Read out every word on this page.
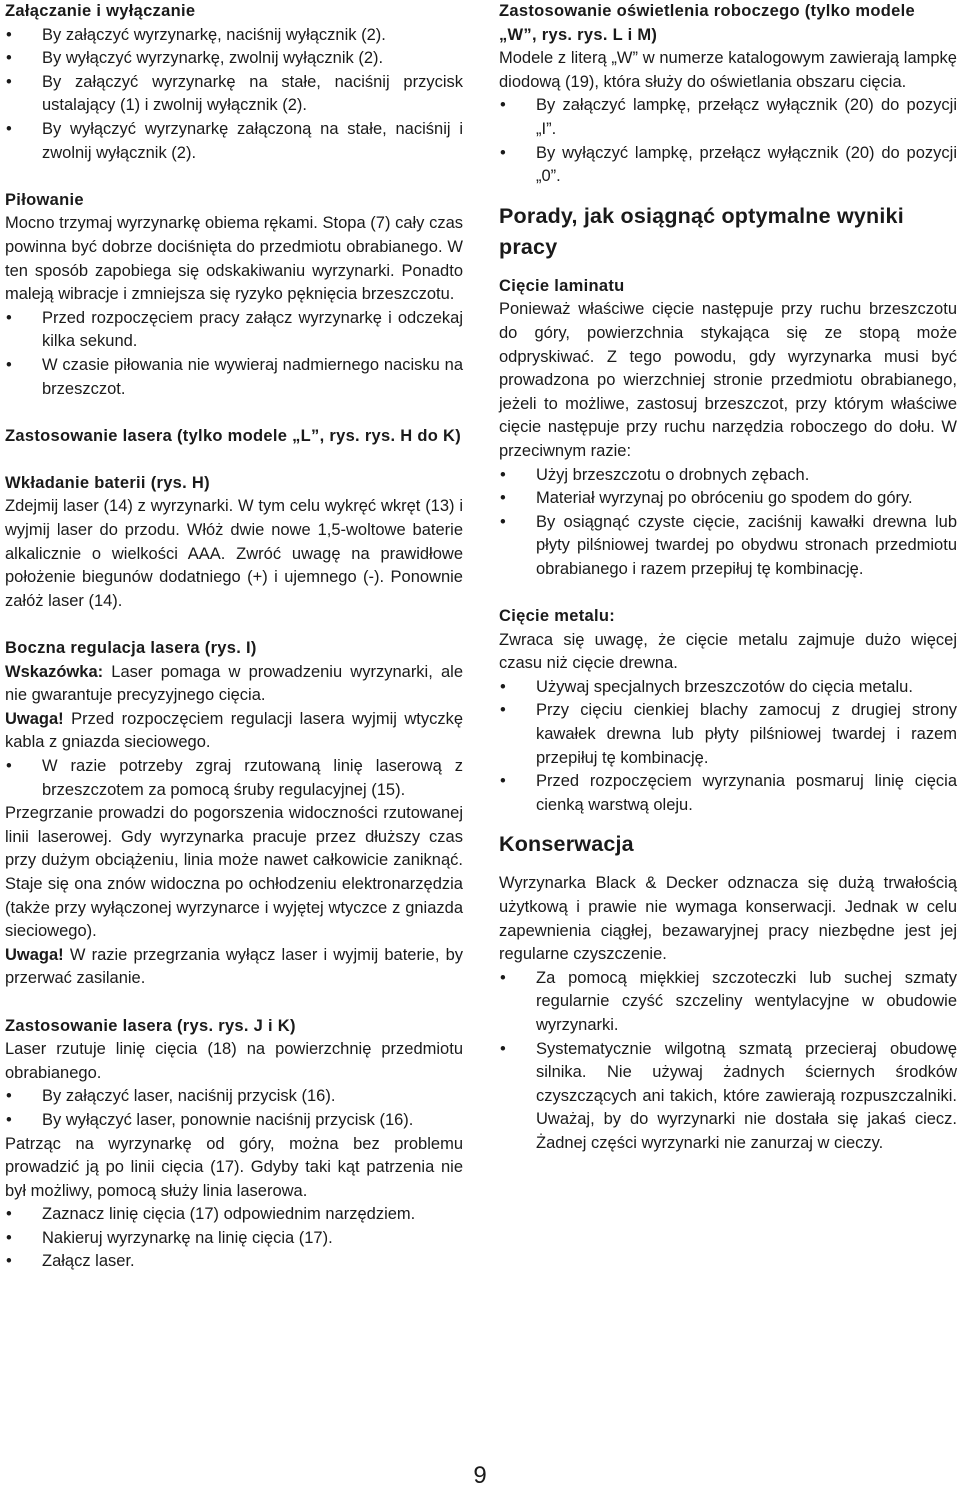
Załączanie i wyłączanie

• By załączyć wyrzynarkę, naciśnij wyłącznik (2).
• By wyłączyć wyrzynarkę, zwolnij wyłącznik (2).
• By załączyć wyrzynarkę na stałe, naciśnij przycisk ustalający (1) i zwolnij wyłącznik (2).
• By wyłączyć wyrzynarkę załączoną na stałe, naciśnij i zwolnij wyłącznik (2).

Piłowanie

Mocno trzymaj wyrzynarkę obiema rękami. Stopa (7) cały czas powinna być dobrze dociśnięta do przedmiotu obrabianego. W ten sposób zapobiega się odskakiwaniu wyrzynarki. Ponadto maleją wibracje i zmniejsza się ryzyko pęknięcia brzeszczotu.

• Przed rozpoczęciem pracy załącz wyrzynarkę i odczekaj kilka sekund.
• W czasie piłowania nie wywieraj nadmiernego nacisku na brzeszczot.

Zastosowanie lasera (tylko modele „L”, rys. rys. H do K)

Wkładanie baterii (rys. H)

Zdejmij laser (14) z wyrzynarki. W tym celu wykręć wkręt (13) i wyjmij laser do przodu. Włóż dwie nowe 1,5-woltowe baterie alkalicznie o wielkości AAA. Zwróć uwagę na prawidłowe położenie biegunów dodatniego (+) i ujemnego (-). Ponownie załóż laser (14).

Boczna regulacja lasera (rys. I)

Wskazówka: Laser pomaga w prowadzeniu wyrzynarki, ale nie gwarantuje precyzyjnego cięcia.

Uwaga! Przed rozpoczęciem regulacji lasera wyjmij wtyczkę kabla z gniazda sieciowego.

• W razie potrzeby zgraj rzutowaną linię laserową z brzeszczotem za pomocą śruby regulacyjnej (15).

Przegrzanie prowadzi do pogorszenia widoczności rzutowanej linii laserowej. Gdy wyrzynarka pracuje przez dłuższy czas przy dużym obciążeniu, linia może nawet całkowicie zaniknąć. Staje się ona znów widoczna po ochłodzeniu elektronarzędzia (także przy wyłączonej wyrzynarce i wyjętej wtyczce z gniazda sieciowego).

Uwaga! W razie przegrzania wyłącz laser i wyjmij baterie, by przerwać zasilanie.

Zastosowanie lasera (rys. rys. J i K)

Laser rzutuje linię cięcia (18) na powierzchnię przedmiotu obrabianego.

• By załączyć laser, naciśnij przycisk (16).
• By wyłączyć laser, ponownie naciśnij przycisk (16).

Patrząc na wyrzynarkę od góry, można bez problemu prowadzić ją po linii cięcia (17). Gdyby taki kąt patrzenia nie był możliwy, pomocą służy linia laserowa.

• Zaznacz linię cięcia (17) odpowiednim narzędziem.
• Nakieruj wyrzynarkę na linię cięcia (17).
• Załącz laser.

Zastosowanie oświetlenia roboczego (tylko modele „W”, rys. rys. L i M)

Modele z literą „W” w numerze katalogowym zawierają lampkę diodową (19), która służy do oświetlania obszaru cięcia.

• By załączyć lampkę, przełącz wyłącznik (20) do pozycji „I”.
• By wyłączyć lampkę, przełącz wyłącznik (20) do pozycji „0”.

Porady, jak osiągnąć optymalne wyniki pracy

Cięcie laminatu

Ponieważ właściwe cięcie następuje przy ruchu brzeszczotu do góry, powierzchnia stykająca się ze stopą może odpryskiwać. Z tego powodu, gdy wyrzynarka musi być prowadzona po wierzchniej stronie przedmiotu obrabianego, jeżeli to możliwe, zastosuj brzeszczot, przy którym właściwe cięcie następuje przy ruchu narzędzia roboczego do dołu. W przeciwnym razie:

• Użyj brzeszczotu o drobnych zębach.
• Materiał wyrzynaj po obróceniu go spodem do góry.
• By osiągnąć czyste cięcie, zaciśnij kawałki drewna lub płyty pilśniowej twardej po obydwu stronach przedmiotu obrabianego i razem przepiłuj tę kombinację.

Cięcie metalu:

Zwraca się uwagę, że cięcie metalu zajmuje dużo więcej czasu niż cięcie drewna.

• Używaj specjalnych brzeszczotów do cięcia metalu.
• Przy cięciu cienkiej blachy zamocuj z drugiej strony kawałek drewna lub płyty pilśniowej twardej i razem przepiłuj tę kombinację.
• Przed rozpoczęciem wyrzynania posmaruj linię cięcia cienką warstwą oleju.

Konserwacja

Wyrzynarka Black & Decker odznacza się dużą trwałością użytkową i prawie nie wymaga konserwacji. Jednak w celu zapewnienia ciągłej, bezawaryjnej pracy niezbędne jest jej regularne czyszczenie.

• Za pomocą miękkiej szczoteczki lub suchej szmaty regularnie czyść szczeliny wentylacyjne w obudowie wyrzynarki.
• Systematycznie wilgotną szmatą przecieraj obudowę silnika. Nie używaj żadnych ściernych środków czyszczących ani takich, które zawierają rozpuszczalniki. Uważaj, by do wyrzynarki nie dostała się jakaś ciecz. Żadnej części wyrzynarki nie zanurzaj w cieczy.
9
